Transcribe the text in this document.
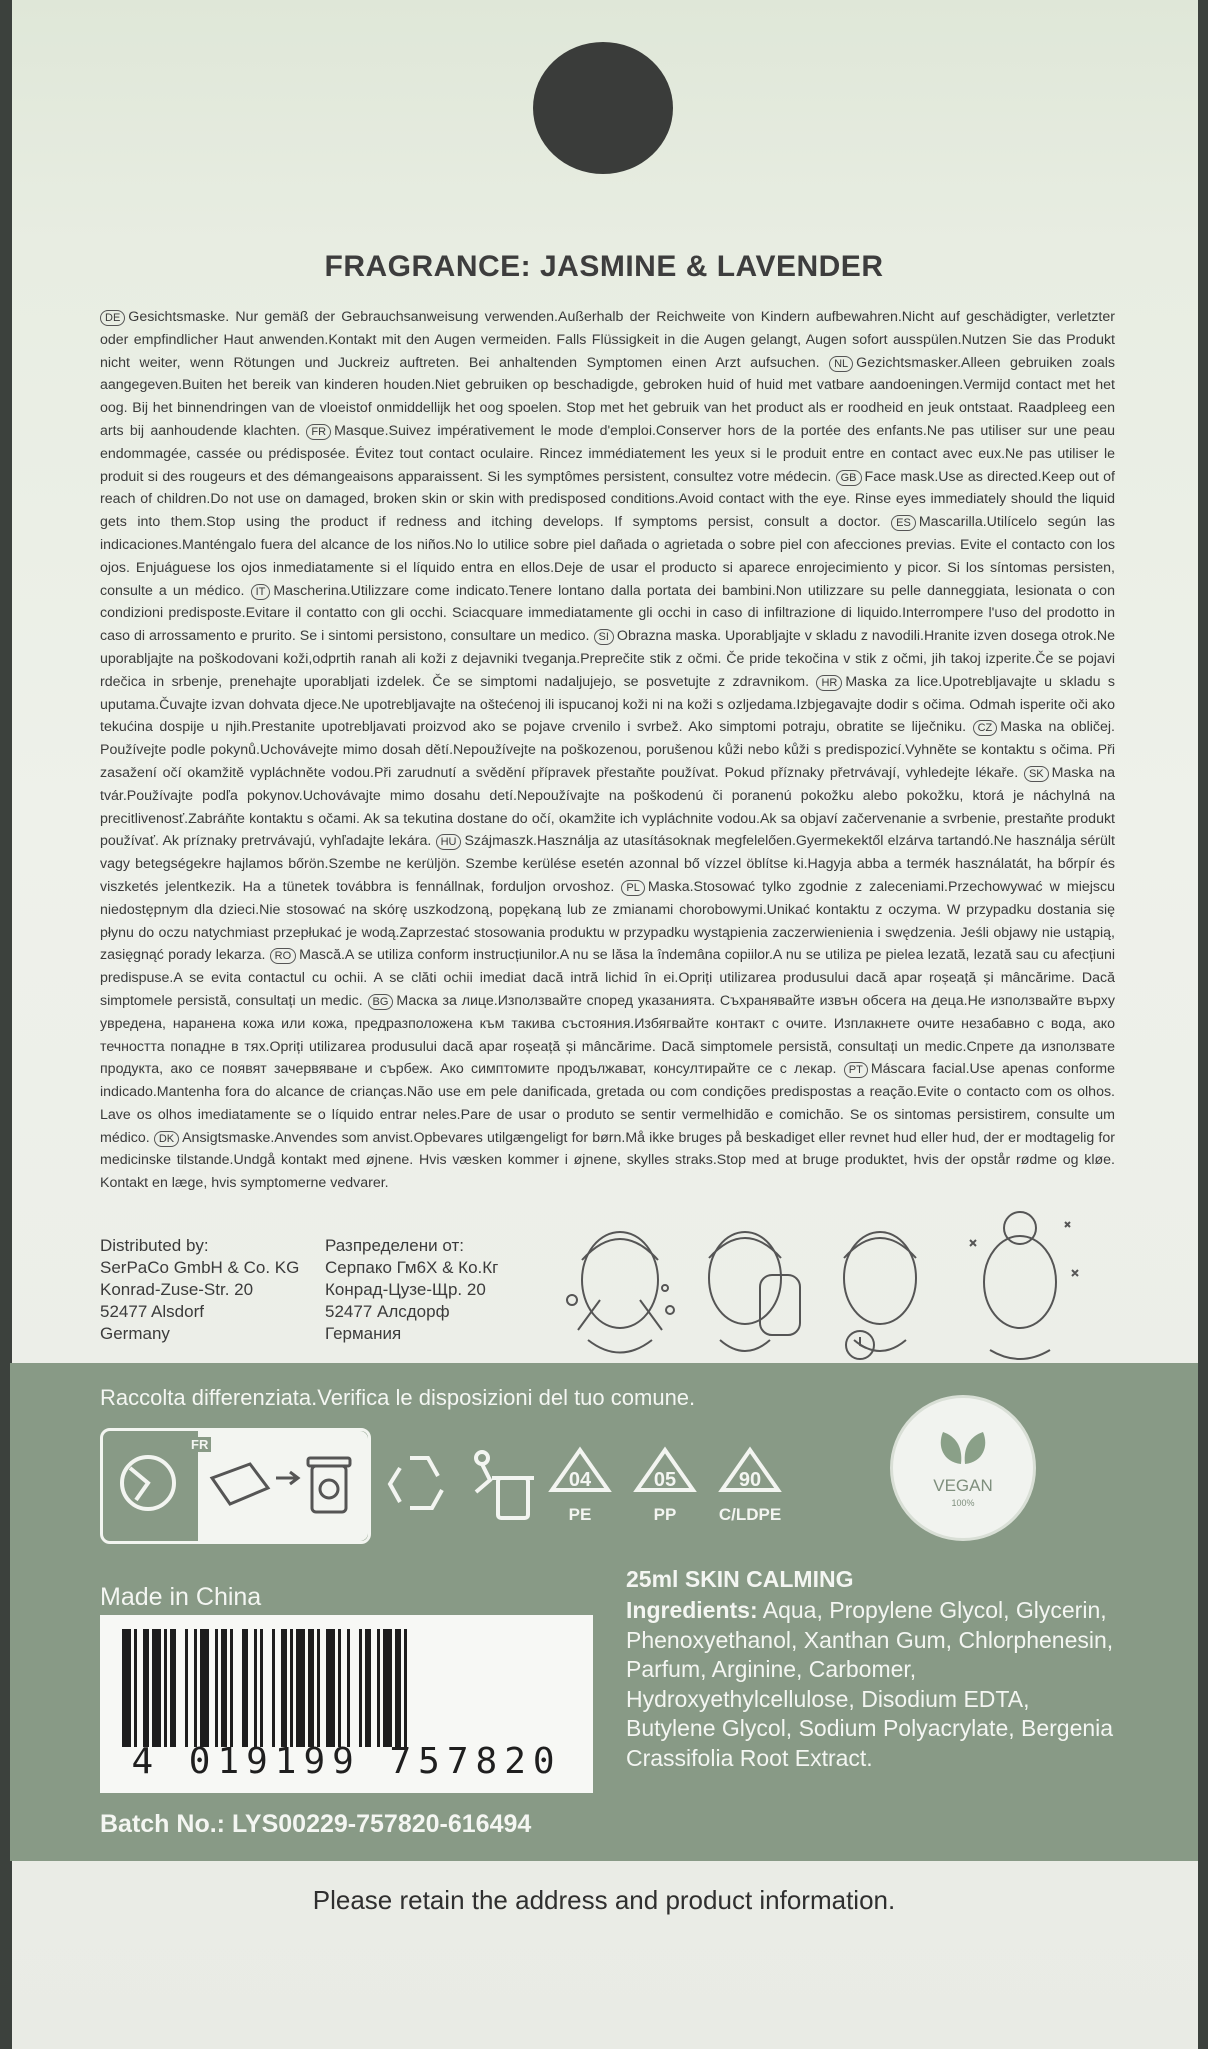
FRAGRANCE: JASMINE & LAVENDER
DE Gesichtsmaske. Nur gemäß der Gebrauchsanweisung verwenden.Außerhalb der Reichweite von Kindern aufbewahren.Nicht auf geschädigter, verletzter oder empfindlicher Haut anwenden.Kontakt mit den Augen vermeiden. Falls Flüssigkeit in die Augen gelangt, Augen sofort ausspülen.Nutzen Sie das Produkt nicht weiter, wenn Rötungen und Juckreiz auftreten. Bei anhaltenden Symptomen einen Arzt aufsuchen. NL Gezichtsmasker.Alleen gebruiken zoals aangegeven.Buiten het bereik van kinderen houden.Niet gebruiken op beschadigde, gebroken huid of huid met vatbare aandoeningen.Vermijd contact met het oog. Bij het binnendringen van de vloeistof onmiddellijk het oog spoelen. Stop met het gebruik van het product als er roodheid en jeuk ontstaat. Raadpleeg een arts bij aanhoudende klachten. FR Masque.Suivez impérativement le mode d'emploi.Conserver hors de la portée des enfants.Ne pas utiliser sur une peau endommagée, cassée ou prédisposée. Évitez tout contact oculaire. Rincez immédiatement les yeux si le produit entre en contact avec eux.Ne pas utiliser le produit si des rougeurs et des démangeaisons apparaissent. Si les symptômes persistent, consultez votre médecin. GB Face mask.Use as directed.Keep out of reach of children.Do not use on damaged, broken skin or skin with predisposed conditions.Avoid contact with the eye. Rinse eyes immediately should the liquid gets into them.Stop using the product if redness and itching develops. If symptoms persist, consult a doctor. ES Mascarilla.Utilícelo según las indicaciones.Manténgalo fuera del alcance de los niños.No lo utilice sobre piel dañada o agrietada o sobre piel con afecciones previas. Evite el contacto con los ojos. Enjuáguese los ojos inmediatamente si el líquido entra en ellos.Deje de usar el producto si aparece enrojecimiento y picor. Si los síntomas persisten, consulte a un médico. IT Mascherina.Utilizzare come indicato.Tenere lontano dalla portata dei bambini.Non utilizzare su pelle danneggiata, lesionata o con condizioni predisposte.Evitare il contatto con gli occhi. Sciacquare immediatamente gli occhi in caso di infiltrazione di liquido.Interrompere l'uso del prodotto in caso di arrossamento e prurito. Se i sintomi persistono, consultare un medico. SI Obrazna maska. Uporabljajte v skladu z navodili.Hranite izven dosega otrok.Ne uporabljajte na poškodovani koži,odprtih ranah ali koži z dejavniki tveganja.Preprečite stik z očmi. Če pride tekočina v stik z očmi, jih takoj izperite.Če se pojavi rdečica in srbenje, prenehajte uporabljati izdelek. Če se simptomi nadaljujejo, se posvetujte z zdravnikom. HR Maska za lice.Upotrebljavajte u skladu s uputama.Čuvajte izvan dohvata djece.Ne upotrebljavajte na oštećenoj ili ispucanoj koži ni na koži s ozljedama.Izbjegavajte dodir s očima. Odmah isperite oči ako tekućina dospije u njih.Prestanite upotrebljavati proizvod ako se pojave crvenilo i svrbež. Ako simptomi potraju, obratite se liječniku. CZ Maska na obličej. Používejte podle pokynů.Uchovávejte mimo dosah dětí.Nepoužívejte na poškozenou, porušenou kůži nebo kůži s predispozicí.Vyhněte se kontaktu s očima. Při zasažení očí okamžitě vypláchněte vodou.Při zarudnutí a svědění přípravek přestaňte používat. Pokud příznaky přetrvávají, vyhledejte lékaře. SK Maska na tvár.Používajte podľa pokynov.Uchovávajte mimo dosahu detí.Nepoužívajte na poškodenú či poranenú pokožku alebo pokožku, ktorá je náchylná na precitlivenosť.Zabráňte kontaktu s očami. Ak sa tekutina dostane do očí, okamžite ich vypláchnite vodou.Ak sa objaví začervenanie a svrbenie, prestaňte produkt používať. Ak príznaky pretrvávajú, vyhľadajte lekára. HU Szájmaszk.Használja az utasításoknak megfelelően.Gyermekektől elzárva tartandó.Ne használja sérült vagy betegségekre hajlamos bőrön.Szembe ne kerüljön. Szembe kerülése esetén azonnal bő vízzel öblítse ki.Hagyja abba a termék használatát, ha bőrpír és viszketés jelentkezik. Ha a tünetek továbbra is fennállnak, forduljon orvoshoz. PL Maska.Stosować tylko zgodnie z zaleceniami.Przechowywać w miejscu niedostępnym dla dzieci.Nie stosować na skórę uszkodzoną, popękaną lub ze zmianami chorobowymi.Unikać kontaktu z oczyma. W przypadku dostania się płynu do oczu natychmiast przepłukać je wodą.Zaprzestać stosowania produktu w przypadku wystąpienia zaczerwienienia i swędzenia. Jeśli objawy nie ustąpią, zasięgnąć porady lekarza. RO Mască.A se utiliza conform instrucțiunilor.A nu se lăsa la îndemâna copiilor.A nu se utiliza pe pielea lezată, lezată sau cu afecțiuni predispuse.A se evita contactul cu ochii. A se clăti ochii imediat dacă intră lichid în ei.Opriți utilizarea produsului dacă apar roșeață și mâncărime. Dacă simptomele persistă, consultați un medic. BG Маска за лице.Използвайте според указанията. Съхранявайте извън обсега на деца.Не използвайте върху увредена, наранена кожа или кожа, предразположена към такива състояния.Избягвайте контакт с очите. Изплакнете очите незабавно с вода, ако течността попадне в тях.Opriți utilizarea produsului dacă apar roșeață și mâncărime. Dacă simptomele persistă, consultați un medic.Спрете да използвате продукта, ако се появят зачервяване и сърбеж. Ако симптомите продължават, консултирайте се с лекар. PT Máscara facial.Use apenas conforme indicado.Mantenha fora do alcance de crianças.Não use em pele danificada, gretada ou com condições predispostas a reação.Evite o contacto com os olhos. Lave os olhos imediatamente se o líquido entrar neles.Pare de usar o produto se sentir vermelhidão e comichão. Se os sintomas persistirem, consulte um médico. DK Ansigtsmaske.Anvendes som anvist.Opbevares utilgængeligt for børn.Må ikke bruges på beskadiget eller revnet hud eller hud, der er modtagelig for medicinske tilstande.Undgå kontakt med øjnene. Hvis væsken kommer i øjnene, skylles straks.Stop med at bruge produktet, hvis der opstår rødme og kløe. Kontakt en læge, hvis symptomerne vedvarer.
Distributed by:
SerPaCo GmbH & Co. KG
Konrad-Zuse-Str. 20
52477 Alsdorf
Germany
Разпределени от:
Серпако Гм6Х & Ко.Кг
Конрад-Цузе-Щр. 20
52477 Алсдорф
Германия
Raccolta differenziata.Verifica le disposizioni del tuo comune.
FR
04
PE
05
PP
90
C/LDPE
VEGAN
100%
Made in China
4 019199 757820
Batch No.: LYS00229-757820-616494
25ml SKIN CALMING
Ingredients: Aqua, Propylene Glycol, Glycerin, Phenoxyethanol, Xanthan Gum, Chlorphenesin, Parfum, Arginine, Carbomer, Hydroxyethylcellulose, Disodium EDTA, Butylene Glycol, Sodium Polyacrylate, Bergenia Crassifolia Root Extract.
Please retain the address and product information.
